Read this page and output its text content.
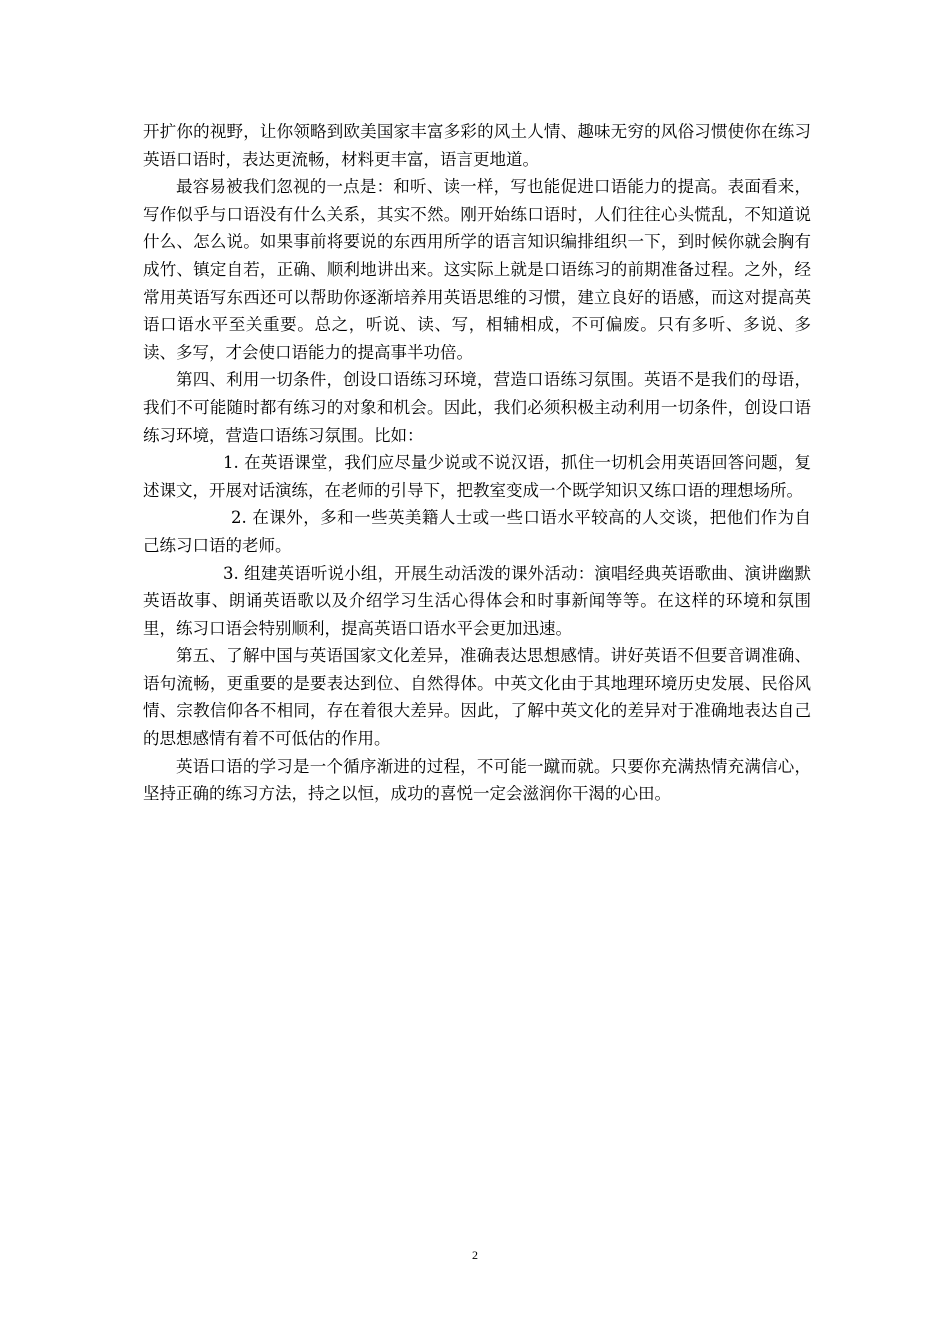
开扩你的视野，让你领略到欧美国家丰富多彩的风土人情、趣味无穷的风俗习惯使你在练习英语口语时，表达更流畅，材料更丰富，语言更地道。

最容易被我们忽视的一点是：和听、读一样，写也能促进口语能力的提高。表面看来，写作似乎与口语没有什么关系，其实不然。刚开始练口语时，人们往往心头慌乱，不知道说什么、怎么说。如果事前将要说的东西用所学的语言知识编排组织一下，到时候你就会胸有成竹、镇定自若，正确、顺利地讲出来。这实际上就是口语练习的前期准备过程。之外，经常用英语写东西还可以帮助你逐渐培养用英语思维的习惯，建立良好的语感，而这对提高英语口语水平至关重要。总之，听说、读、写，相辅相成，不可偏废。只有多听、多说、多读、多写，才会使口语能力的提高事半功倍。

第四、利用一切条件，创设口语练习环境，营造口语练习氛围。英语不是我们的母语， 我们不可能随时都有练习的对象和机会。因此，我们必须积极主动利用一切条件，创设口语练习环境，营造口语练习氛围。比如：

1. 在英语课堂，我们应尽量少说或不说汉语，抓住一切机会用英语回答问题，复述课文，开展对话演练，在老师的引导下，把教室变成一个既学知识又练口语的理想场所。

2. 在课外，多和一些英美籍人士或一些口语水平较高的人交谈，把他们作为自己练习口语的老师。

3. 组建英语听说小组，开展生动活泼的课外活动：演唱经典英语歌曲、演讲幽默英语故事、朗诵英语歌以及介绍学习生活心得体会和时事新闻等等。在这样的环境和氛围里，练习口语会特别顺利，提高英语口语水平会更加迅速。

第五、了解中国与英语国家文化差异，准确表达思想感情。讲好英语不但要音调准确、语句流畅，更重要的是要表达到位、自然得体。中英文化由于其地理环境历史发展、民俗风情、宗教信仰各不相同，存在着很大差异。因此，了解中英文化的差异对于准确地表达自己的思想感情有着不可低估的作用。

英语口语的学习是一个循序渐进的过程，不可能一蹴而就。只要你充满热情充满信心，坚持正确的练习方法，持之以恒，成功的喜悦一定会滋润你干渴的心田。

2
